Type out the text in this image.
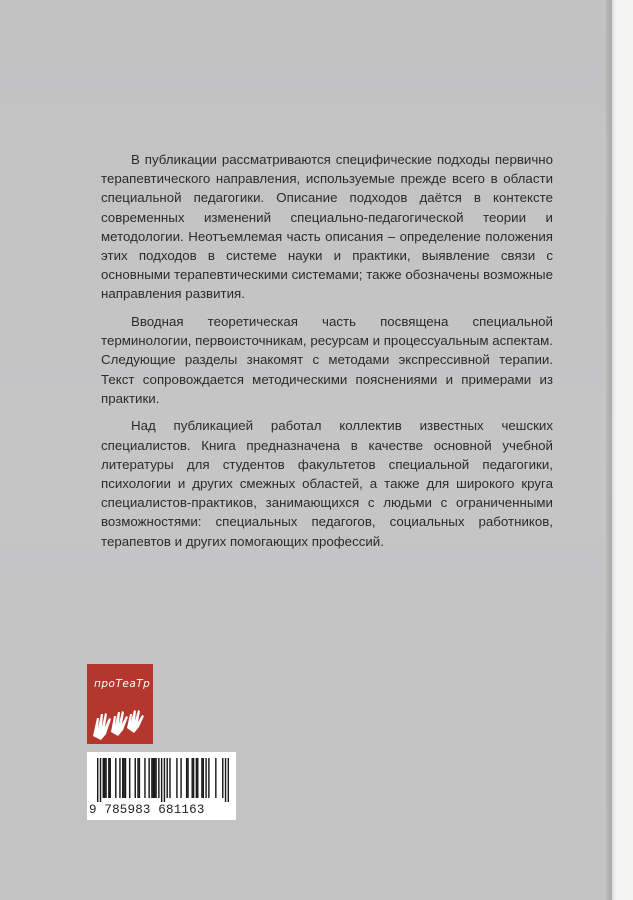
В публикации рассматриваются специфические подходы первично терапевтического направления, используемые прежде всего в области специальной педагогики. Описание подходов даётся в контексте современных изменений специально-педагогической теории и методологии. Неотъемлемая часть описания – определение положения этих подходов в системе науки и практики, выявление связи с основными терапевтическими системами; также обозначены возможные направления развития.

Вводная теоретическая часть посвящена специальной терминологии, первоисточникам, ресурсам и процессуальным аспектам. Следующие разделы знакомят с методами экспрессивной терапии. Текст сопровождается методическими пояснениями и примерами из практики.

Над публикацией работал коллектив известных чешских специалистов. Книга предназначена в качестве основной учебной литературы для студентов факультетов специальной педагогики, психологии и других смежных областей, а также для широкого круга специалистов-практиков, занимающихся с людьми с ограниченными возможностями: специальных педагогов, социальных работников, терапевтов и других помогающих профессий.

проТеаТр
9 785983 681163
